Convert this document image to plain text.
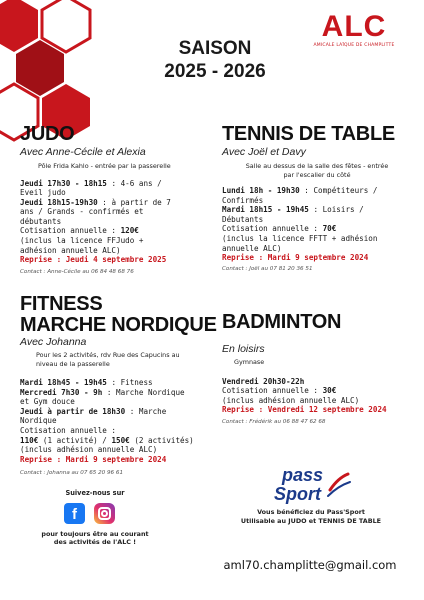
ALC
AMICALE LAÏQUE DE CHAMPLITTE
SAISON
2025 - 2026
JUDO
Avec Anne-Cécile et Alexia
Pôle Frida Kahlo - entrée par la passerelle
Jeudi 17h30 - 18h15 : 4-6 ans /
Eveil judo
Jeudi 18h15-19h30 : à partir de 7
ans / Grands - confirmés et
débutants
Cotisation annuelle : 120€
(inclus la licence FFJudo +
adhésion annuelle ALC)
Reprise : Jeudi 4 septembre 2025
Contact : Anne-Cécile au 06 84 48 68 76
TENNIS DE TABLE
Avec Joël et Davy
Salle au dessus de la salle des fêtes - entrée
par l'escalier du côté
Lundi 18h - 19h30 : Compétiteurs /
Confirmés
Mardi 18h15 - 19h45 : Loisirs /
Débutants
Cotisation annuelle : 70€
(inclus la licence FFTT + adhésion
annuelle ALC)
Reprise : Mardi 9 septembre 2024
Contact : Joël au 07 81 20 36 51
FITNESS
MARCHE NORDIQUE
Avec Johanna
Pour les 2 activités, rdv Rue des Capucins au
niveau de la passerelle
Mardi 18h45 - 19h45 : Fitness
Mercredi 7h30 - 9h : Marche Nordique
et Gym douce
Jeudi à partir de 18h30 : Marche
Nordique
Cotisation annuelle :
110€ (1 activité) / 150€ (2 activités)
(inclus adhésion annuelle ALC)
Reprise : Mardi 9 septembre 2024
Contact : Johanna au 07 65 20 96 61
BADMINTON
En loisirs
Gymnase
Vendredi 20h30-22h
Cotisation annuelle : 30€
(inclus adhésion annuelle ALC)
Reprise : Vendredi 12 septembre 2024
Contact : Frédérik au 06 88 47 62 68
Suivez-nous sur
f
pour toujours être au courant
des activités de l'ALC !
pass
Sport
Vous bénéficiez du Pass'Sport
Utilisable au JUDO et TENNIS DE TABLE
aml70.champlitte@gmail.com
